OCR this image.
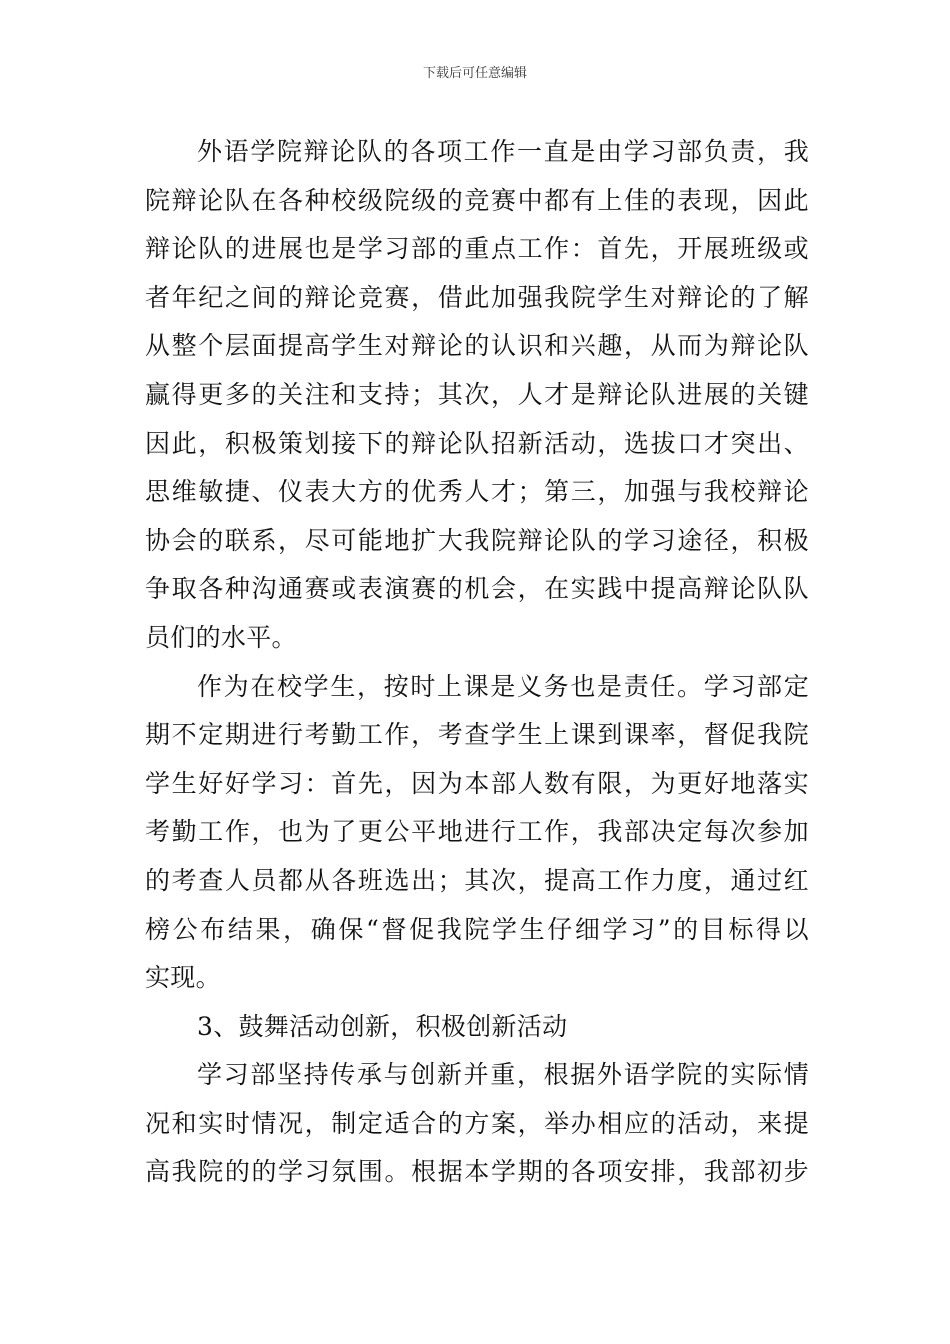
下载后可任意编辑
外语学院辩论队的各项工作一直是由学习部负责，我
院辩论队在各种校级院级的竞赛中都有上佳的表现，因此
辩论队的进展也是学习部的重点工作：首先，开展班级或
者年纪之间的辩论竞赛，借此加强我院学生对辩论的了解
从整个层面提高学生对辩论的认识和兴趣，从而为辩论队
赢得更多的关注和支持；其次，人才是辩论队进展的关键
因此，积极策划接下的辩论队招新活动，选拔口才突出、
思维敏捷、仪表大方的优秀人才；第三，加强与我校辩论
协会的联系，尽可能地扩大我院辩论队的学习途径，积极
争取各种沟通赛或表演赛的机会，在实践中提高辩论队队
员们的水平。
作为在校学生，按时上课是义务也是责任。学习部定
期不定期进行考勤工作，考查学生上课到课率，督促我院
学生好好学习：首先，因为本部人数有限，为更好地落实
考勤工作，也为了更公平地进行工作，我部决定每次参加
的考查人员都从各班选出；其次，提高工作力度，通过红
榜公布结果，确保“督促我院学生仔细学习”的目标得以
实现。
3、鼓舞活动创新，积极创新活动
学习部坚持传承与创新并重，根据外语学院的实际情
况和实时情况，制定适合的方案，举办相应的活动，来提
高我院的的学习氛围。根据本学期的各项安排，我部初步
